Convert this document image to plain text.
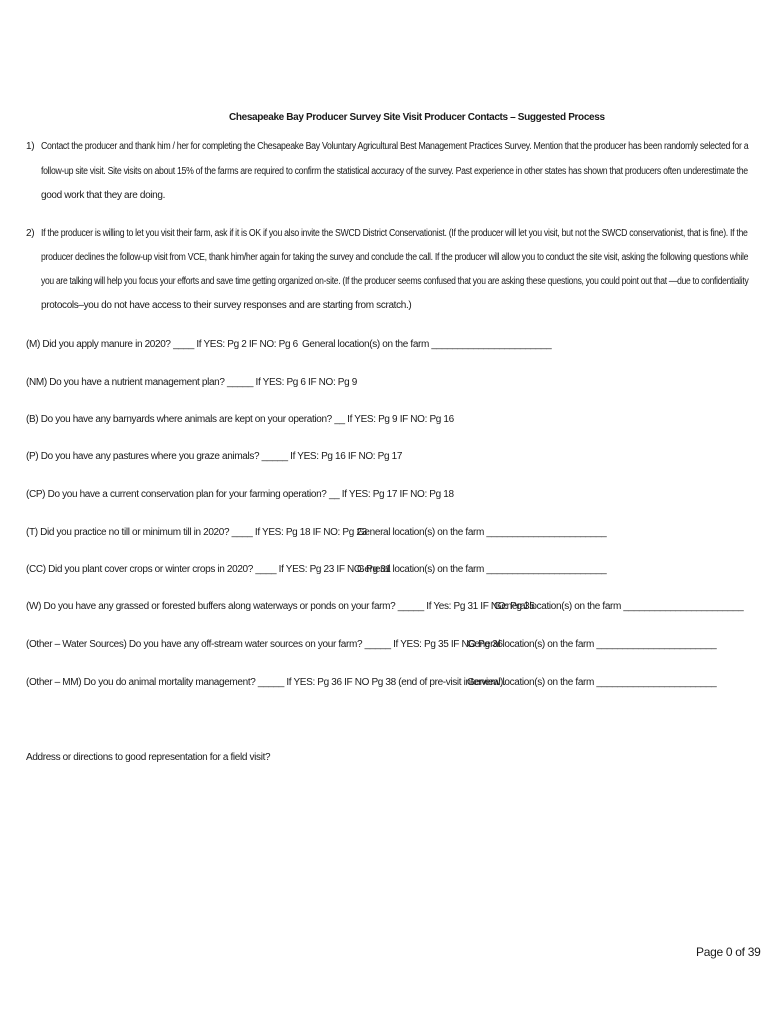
Chesapeake Bay Producer Survey Site Visit Producer Contacts – Suggested Process
1) Contact the producer and thank him / her for completing the Chesapeake Bay Voluntary Agricultural Best Management Practices Survey. Mention that the producer has been randomly selected for a
follow-up site visit. Site visits on about 15% of the farms are required to confirm the statistical accuracy of the survey. Past experience in other states has shown that producers often underestimate the
good work that they are doing.
2) If the producer is willing to let you visit their farm, ask if it is OK if you also invite the SWCD District Conservationist. (If the producer will let you visit, but not the SWCD conservationist, that is fine). If the
producer declines the follow-up visit from VCE, thank him/her again for taking the survey and conclude the call. If the producer will allow you to conduct the site visit, asking the following questions while
you are talking will help you focus your efforts and save time getting organized on-site. (If the producer seems confused that you are asking these questions, you could point out that —due to confidentiality
protocols–you do not have access to their survey responses and are starting from scratch.)
(M) Did you apply manure in 2020? ____ If YES: Pg 2 IF NO: Pg 6 General location(s) on the farm _______________________
(NM) Do you have a nutrient management plan? _____ If YES: Pg 6 IF NO: Pg 9
(B) Do you have any barnyards where animals are kept on your operation? __ If YES: Pg 9 IF NO: Pg 16
(P) Do you have any pastures where you graze animals? _____ If YES: Pg 16 IF NO: Pg 17
(CP) Do you have a current conservation plan for your farming operation? __ If YES: Pg 17 IF NO: Pg 18
(T) Did you practice no till or minimum till in 2020? ____ If YES: Pg 18 IF NO: Pg 23
General location(s) on the farm _______________________
(CC) Did you plant cover crops or winter crops in 2020? ____ If YES: Pg 23 IF NO: Pg 31
General location(s) on the farm _______________________
(W) Do you have any grassed or forested buffers along waterways or ponds on your farm? _____ If Yes: Pg 31 IF NO: Pg 35
General location(s) on the farm _______________________
(Other – Water Sources) Do you have any off-stream water sources on your farm? _____ If YES: Pg 35 IF NO Pg 36
General location(s) on the farm _______________________
(Other – MM) Do you do animal mortality management? _____ If YES: Pg 36 IF NO Pg 38 (end of pre-visit interview).
General location(s) on the farm _______________________
Address or directions to good representation for a field visit?
Page 0 of 39
